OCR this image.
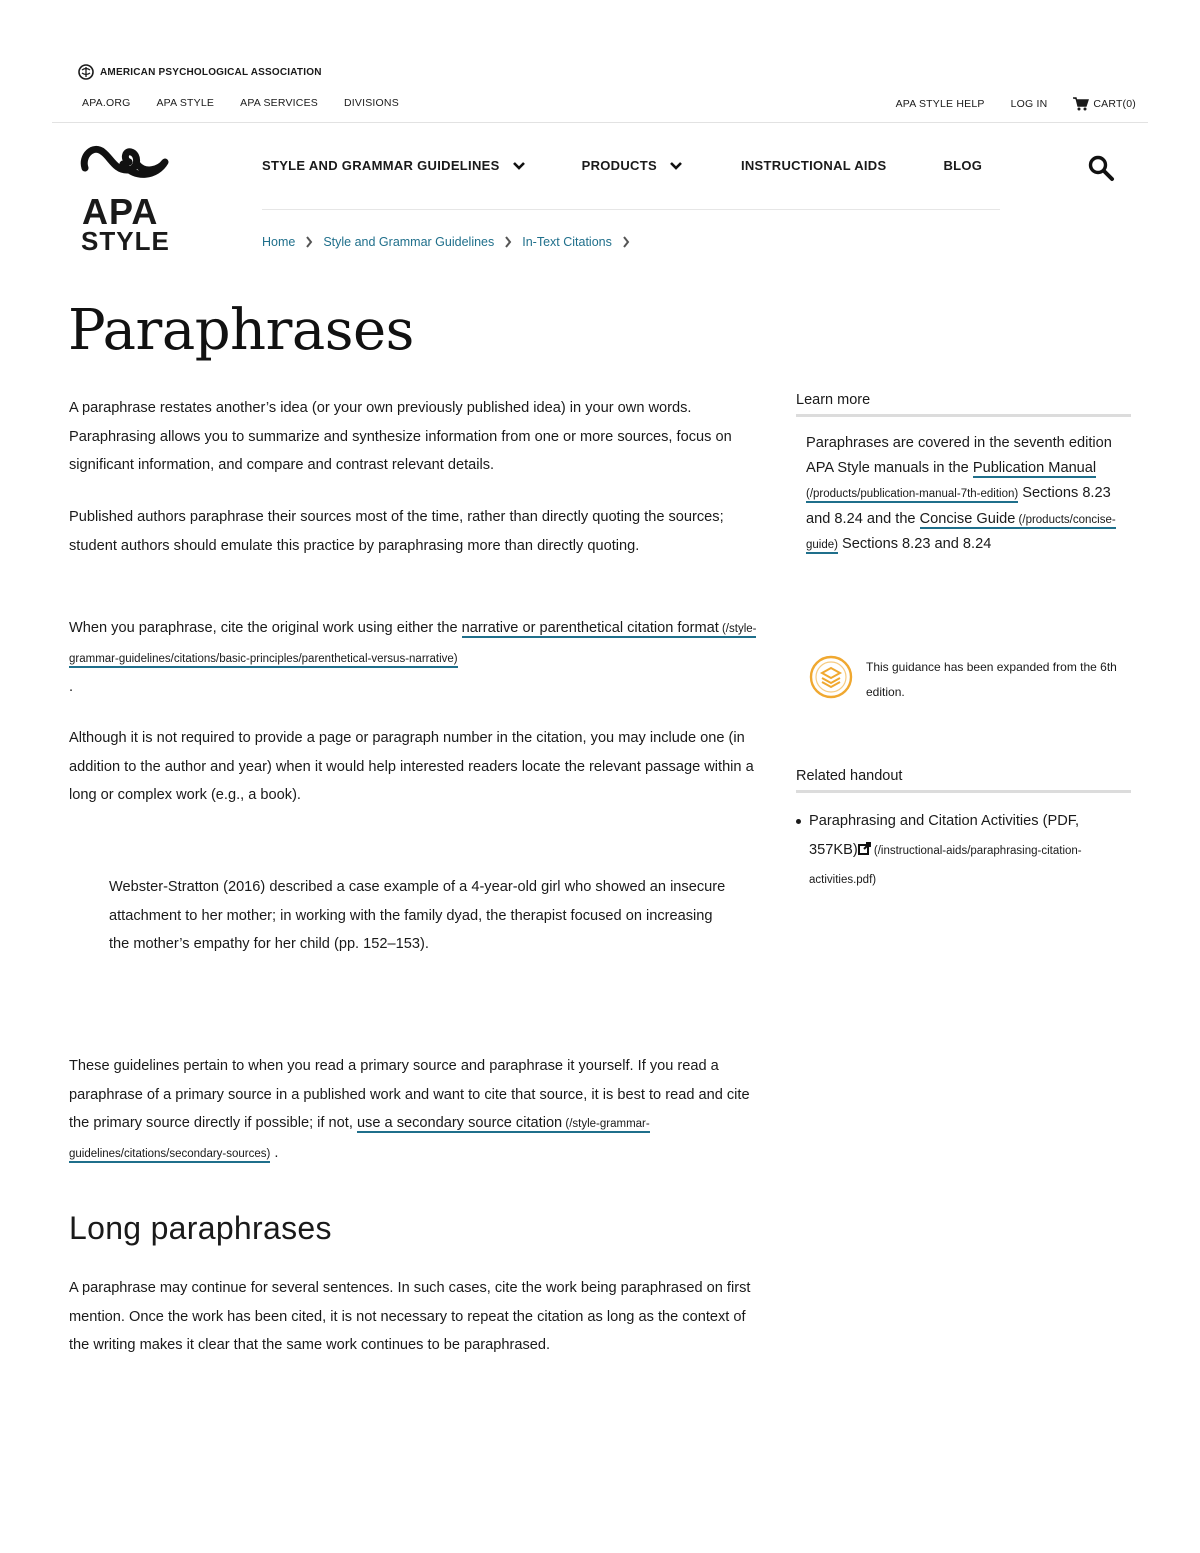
AMERICAN PSYCHOLOGICAL ASSOCIATION
APA.ORG APA STYLE APA SERVICES DIVISIONS	APA STYLE HELP LOG IN	CART(0)
APA
STYLE
STYLE AND GRAMMAR GUIDELINES	PRODUCTS	INSTRUCTIONAL AIDS	BLOG
Home Style and Grammar Guidelines In-Text Citations
Paraphrases

A paraphrase restates another’s idea (or your own previously published idea) in your own words. Paraphrasing allows you to summarize and synthesize information from one or more sources, focus on significant information, and compare and contrast relevant details.

Published authors paraphrase their sources most of the time, rather than directly quoting the sources; student authors should emulate this practice by paraphrasing more than directly quoting.

When you paraphrase, cite the original work using either the narrative or parenthetical citation format (/style-grammar-guidelines/citations/basic-principles/parenthetical-versus-narrative)
.

Although it is not required to provide a page or paragraph number in the citation, you may include one (in addition to the author and year) when it would help interested readers locate the relevant passage within a long or complex work (e.g., a book).

Webster-Stratton (2016) described a case example of a 4-year-old girl who showed an insecure attachment to her mother; in working with the family dyad, the therapist focused on increasing the mother’s empathy for her child (pp. 152–153).

These guidelines pertain to when you read a primary source and paraphrase it yourself. If you read a paraphrase of a primary source in a published work and want to cite that source, it is best to read and cite the primary source directly if possible; if not, use a secondary source citation (/style-grammar-guidelines/citations/secondary-sources) .

Long paraphrases

A paraphrase may continue for several sentences. In such cases, cite the work being paraphrased on first mention. Once the work has been cited, it is not necessary to repeat the citation as long as the context of the writing makes it clear that the same work continues to be paraphrased.

Learn more
Paraphrases are covered in the seventh edition APA Style manuals in the Publication Manual (/products/publication-manual-7th-edition) Sections 8.23 and 8.24 and the Concise Guide (/products/concise-guide) Sections 8.23 and 8.24
This guidance has been expanded from the 6th edition.
Related handout
Paraphrasing and Citation Activities (PDF, 357KB) (/instructional-aids/paraphrasing-citation-activities.pdf)
